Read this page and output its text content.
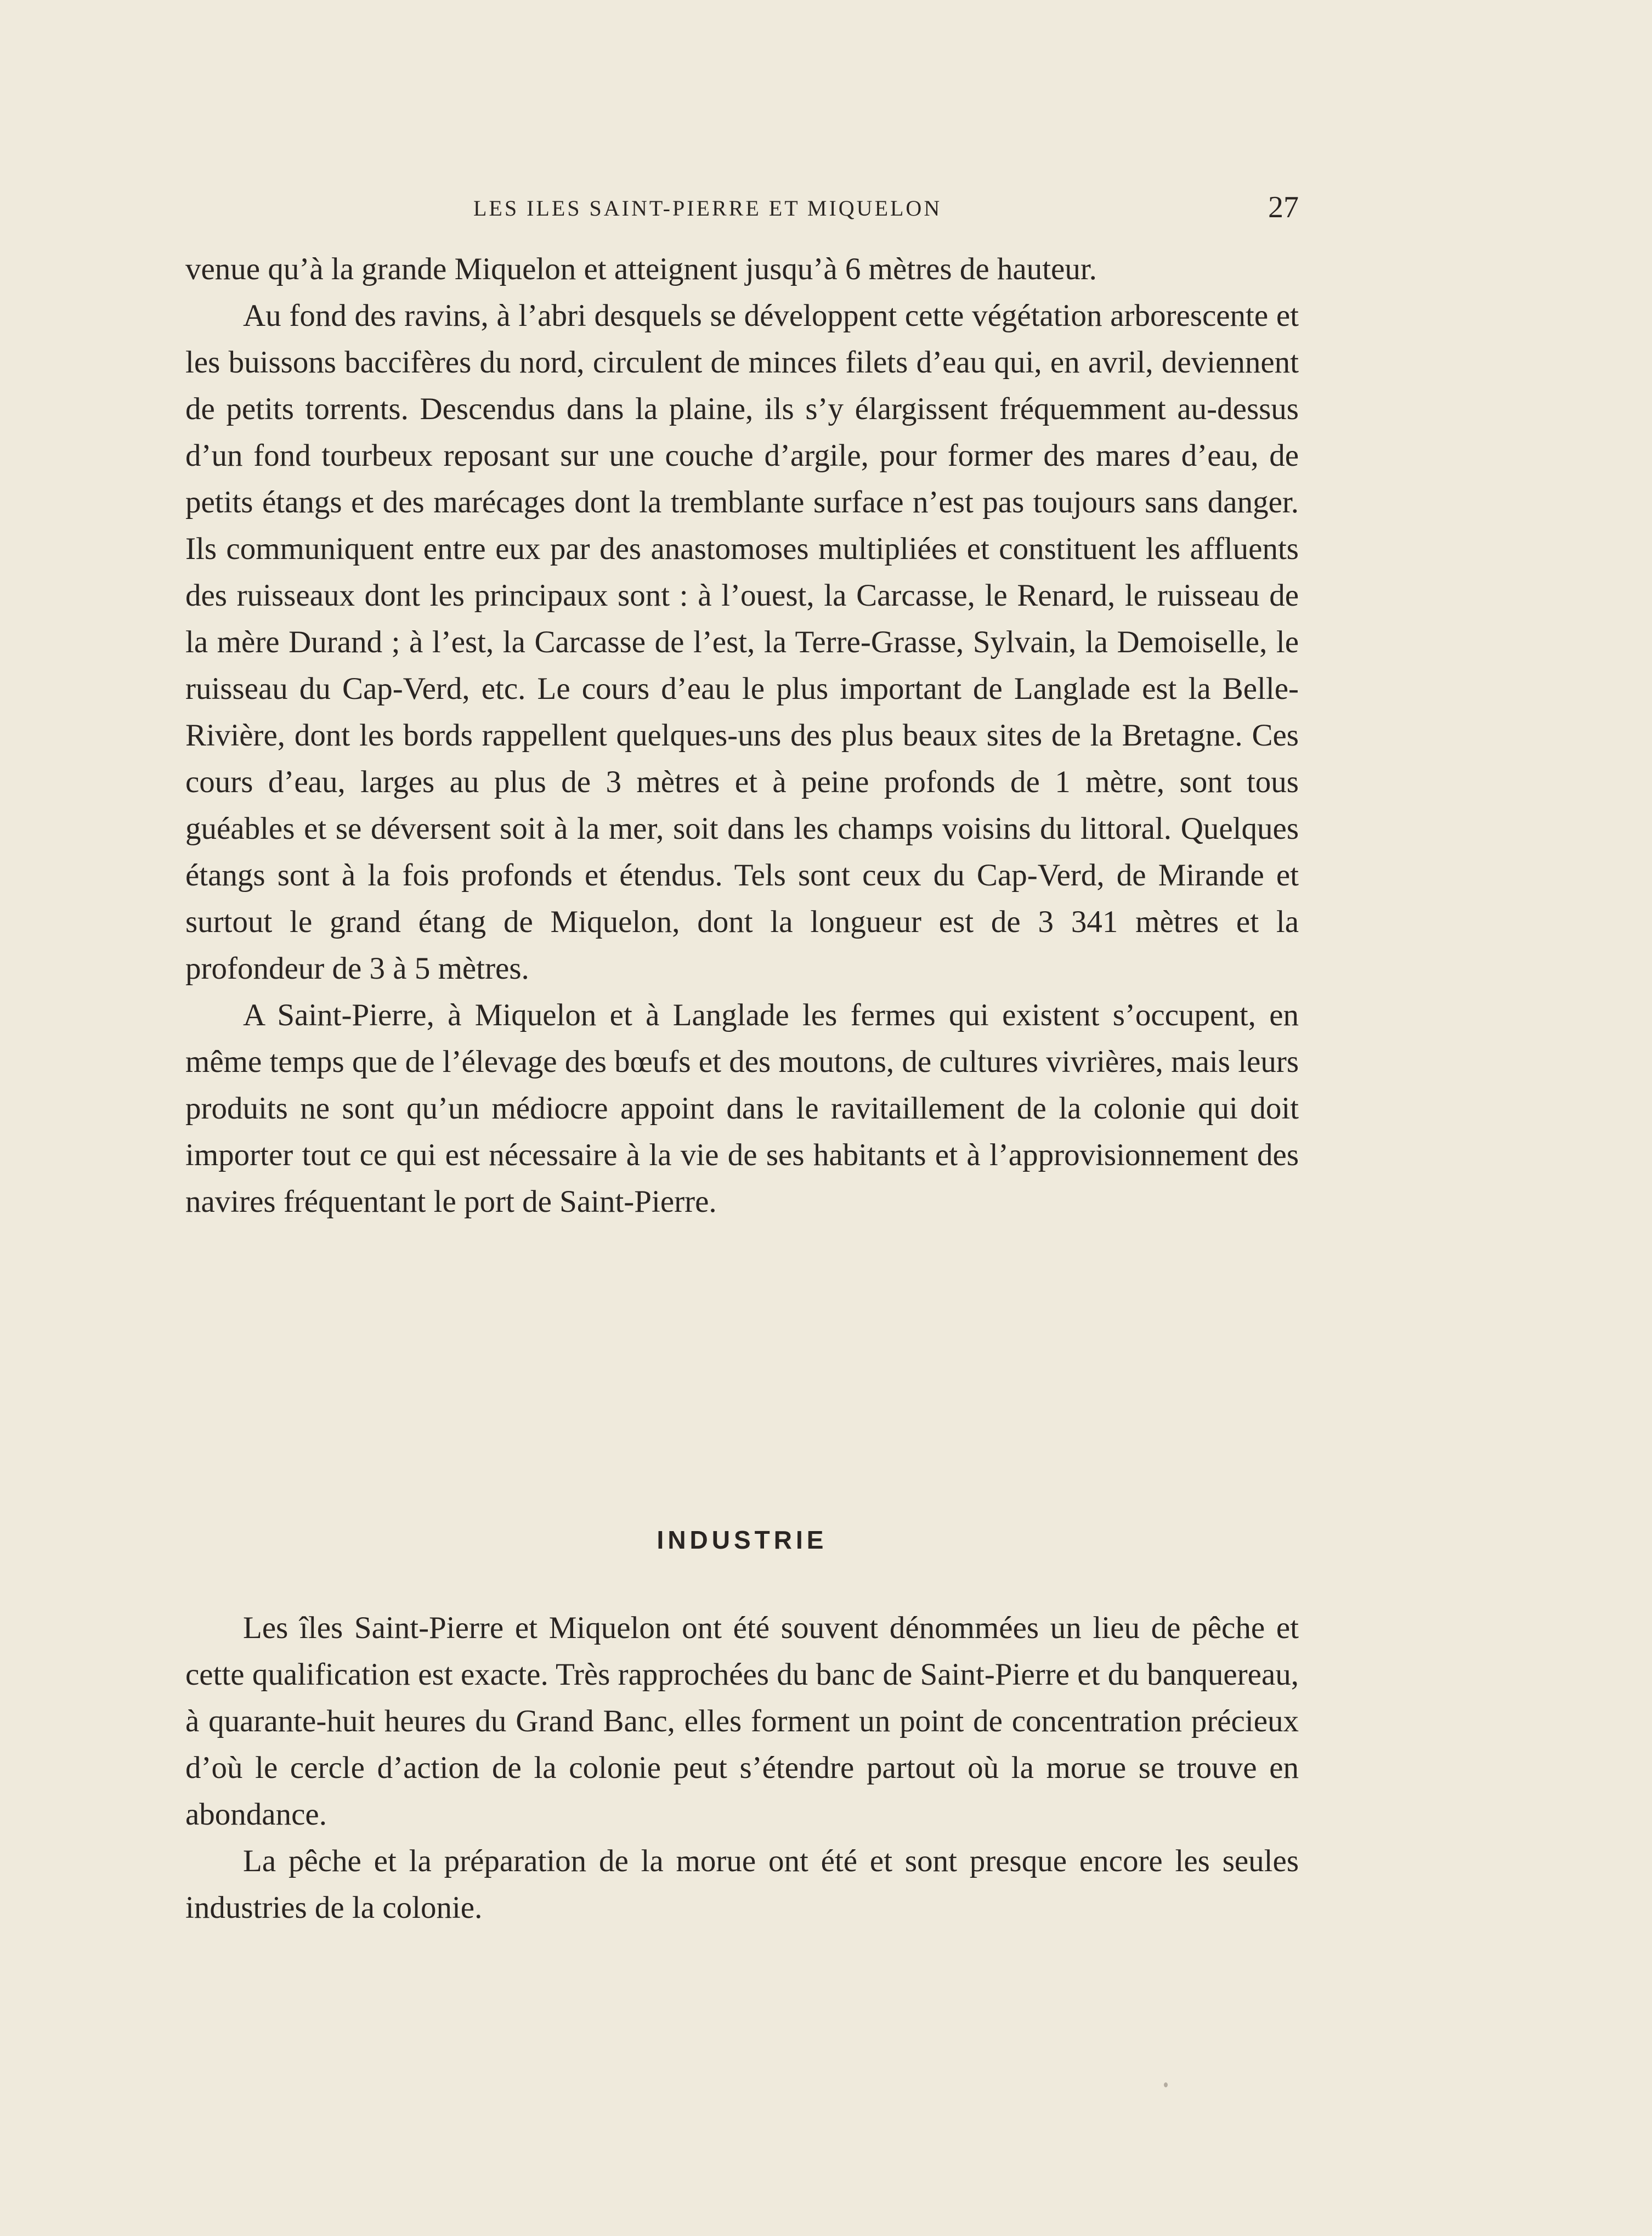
LES ILES SAINT-PIERRE ET MIQUELON	27

venue qu’à la grande Miquelon et atteignent jusqu’à 6 mètres de hauteur.

Au fond des ravins, à l’abri desquels se développent cette végétation arborescente et les buissons baccifères du nord, circulent de minces filets d’eau qui, en avril, deviennent de petits torrents. Descendus dans la plaine, ils s’y élargissent fréquemment au-dessus d’un fond tourbeux reposant sur une couche d’argile, pour former des mares d’eau, de petits étangs et des marécages dont la tremblante surface n’est pas toujours sans danger. Ils communiquent entre eux par des anastomoses multipliées et constituent les affluents des ruisseaux dont les principaux sont : à l’ouest, la Carcasse, le Renard, le ruisseau de la mère Durand ; à l’est, la Carcasse de l’est, la Terre-Grasse, Sylvain, la Demoiselle, le ruisseau du Cap-Verd, etc. Le cours d’eau le plus important de Langlade est la Belle-Rivière, dont les bords rappellent quelques-uns des plus beaux sites de la Bretagne. Ces cours d’eau, larges au plus de 3 mètres et à peine profonds de 1 mètre, sont tous guéables et se déversent soit à la mer, soit dans les champs voisins du littoral. Quelques étangs sont à la fois profonds et étendus. Tels sont ceux du Cap-Verd, de Mirande et surtout le grand étang de Miquelon, dont la longueur est de 3 341 mètres et la profondeur de 3 à 5 mètres.

A Saint-Pierre, à Miquelon et à Langlade les fermes qui existent s’occupent, en même temps que de l’élevage des bœufs et des moutons, de cultures vivrières, mais leurs produits ne sont qu’un médiocre appoint dans le ravitaillement de la colonie qui doit importer tout ce qui est nécessaire à la vie de ses habitants et à l’approvisionnement des navires fréquentant le port de Saint-Pierre.

INDUSTRIE

Les îles Saint-Pierre et Miquelon ont été souvent dénommées un lieu de pêche et cette qualification est exacte. Très rapprochées du banc de Saint-Pierre et du banquereau, à quarante-huit heures du Grand Banc, elles forment un point de concentration précieux d’où le cercle d’action de la colonie peut s’étendre partout où la morue se trouve en abondance.

La pêche et la préparation de la morue ont été et sont presque encore les seules industries de la colonie.
